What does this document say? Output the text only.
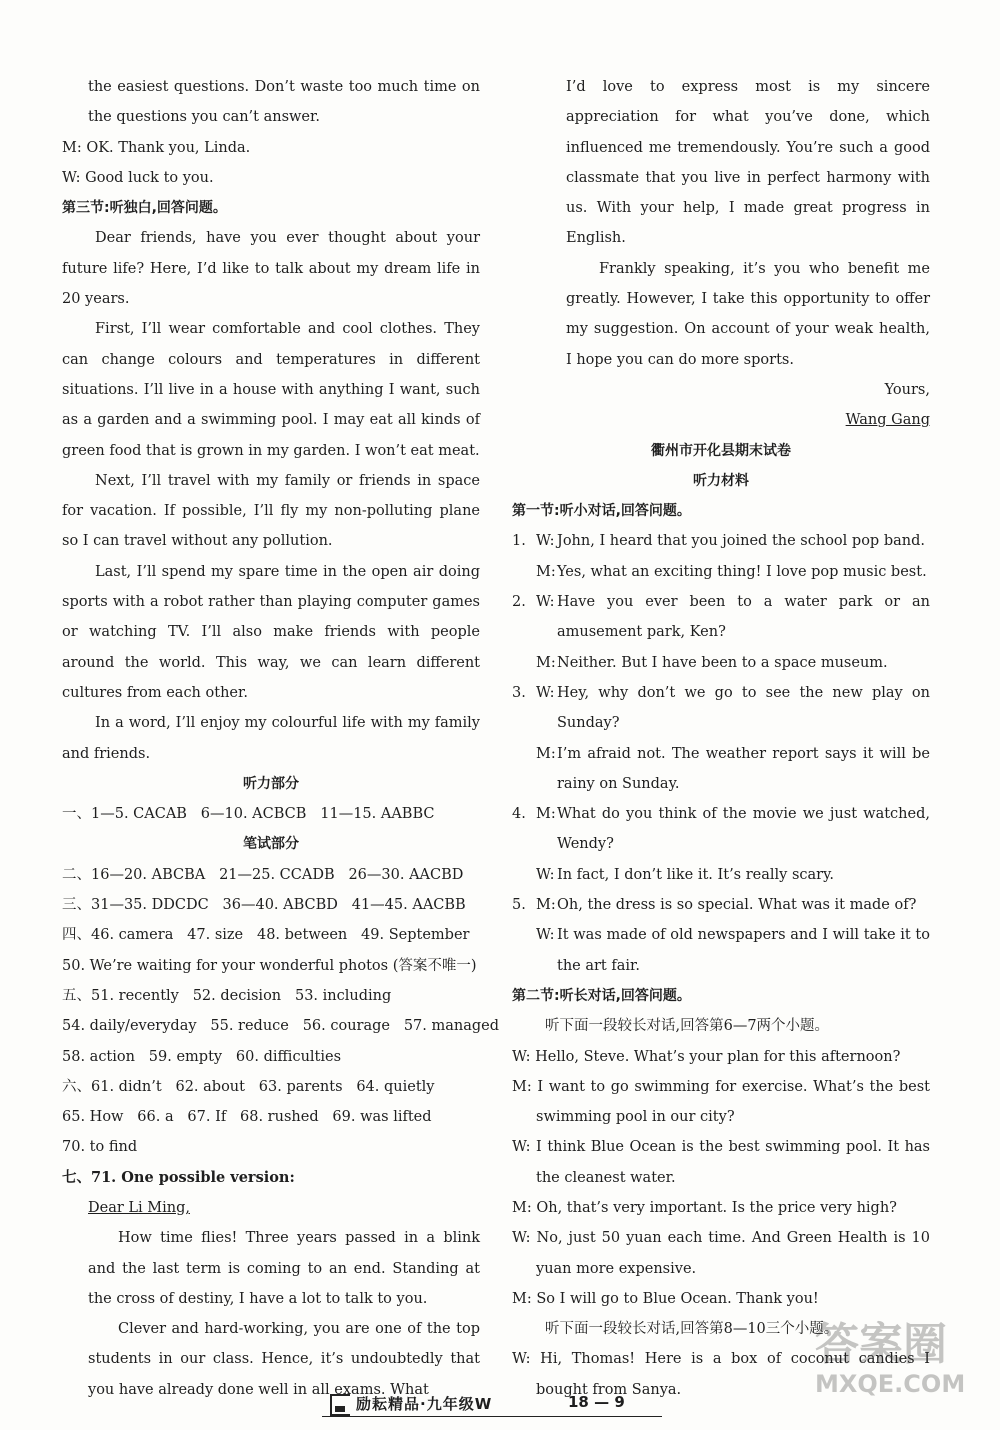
the easiest questions. Don’t waste too much time on the questions you can’t answer.

M: OK. Thank you, Linda.

W: Good luck to you.

第三节:听独白,回答问题。

Dear friends, have you ever thought about your future life? Here, I’d like to talk about my dream life in 20 years.

First, I’ll wear comfortable and cool clothes. They can change colours and temperatures in different situations. I’ll live in a house with anything I want, such as a garden and a swimming pool. I may eat all kinds of green food that is grown in my garden. I won’t eat meat.

Next, I’ll travel with my family or friends in space for vacation. If possible, I’ll fly my non-polluting plane so I can travel without any pollution.

Last, I’ll spend my spare time in the open air doing sports with a robot rather than playing computer games or watching TV. I’ll also make friends with people around the world. This way, we can learn different cultures from each other.

In a word, I’ll enjoy my colourful life with my family and friends.

听力部分

一、1—5. CACAB   6—10. ACBCB   11—15. AABBC

笔试部分

二、16—20. ABCBA   21—25. CCADB   26—30. AACBD

三、31—35. DDCDC   36—40. ABCBD   41—45. AACBB

四、46. camera   47. size   48. between   49. September

50. We’re waiting for your wonderful photos (答案不唯一)

五、51. recently   52. decision   53. including

54. daily/everyday   55. reduce   56. courage   57. managed

58. action   59. empty   60. difficulties

六、61. didn’t   62. about   63. parents   64. quietly

65. How   66. a   67. If   68. rushed   69. was lifted

70. to find

七、71. One possible version:

Dear Li Ming,

How time flies! Three years passed in a blink and the last term is coming to an end. Standing at the cross of destiny, I have a lot to talk to you.

Clever and hard-working, you are one of the top students in our class. Hence, it’s undoubtedly that you have already done well in all exams. What

I’d love to express most is my sincere appreciation for what you’ve done, which influenced me tremendously. You’re such a good classmate that you live in perfect harmony with us. With your help, I made great progress in English.

Frankly speaking, it’s you who benefit me greatly. However, I take this opportunity to offer my suggestion. On account of your weak health, I hope you can do more sports.

Yours,

Wang Gang

衢州市开化县期末试卷

听力材料

第一节:听小对话,回答问题。

1. W: John, I heard that you joined the school pop band.
M: Yes, what an exciting thing! I love pop music best.
2. W: Have you ever been to a water park or an amusement park, Ken?
M: Neither. But I have been to a space museum.
3. W: Hey, why don’t we go to see the new play on Sunday?
M: I’m afraid not. The weather report says it will be rainy on Sunday.
4. M: What do you think of the movie we just watched, Wendy?
W: In fact, I don’t like it. It’s really scary.
5. M: Oh, the dress is so special. What was it made of?
W: It was made of old newspapers and I will take it to the art fair.

第二节:听长对话,回答问题。

听下面一段较长对话,回答第6—7两个小题。

W: Hello, Steve. What’s your plan for this afternoon?

M: I want to go swimming for exercise. What’s the best swimming pool in our city?

W: I think Blue Ocean is the best swimming pool. It has the cleanest water.

M: Oh, that’s very important. Is the price very high?

W: No, just 50 yuan each time. And Green Health is 10 yuan more expensive.

M: So I will go to Blue Ocean. Thank you!

听下面一段较长对话,回答第8—10三个小题。

W: Hi, Thomas! Here is a box of coconut candies I bought from Sanya.

励耘精品·九年级W	18 — 9
答案圈
MXQE.COM
